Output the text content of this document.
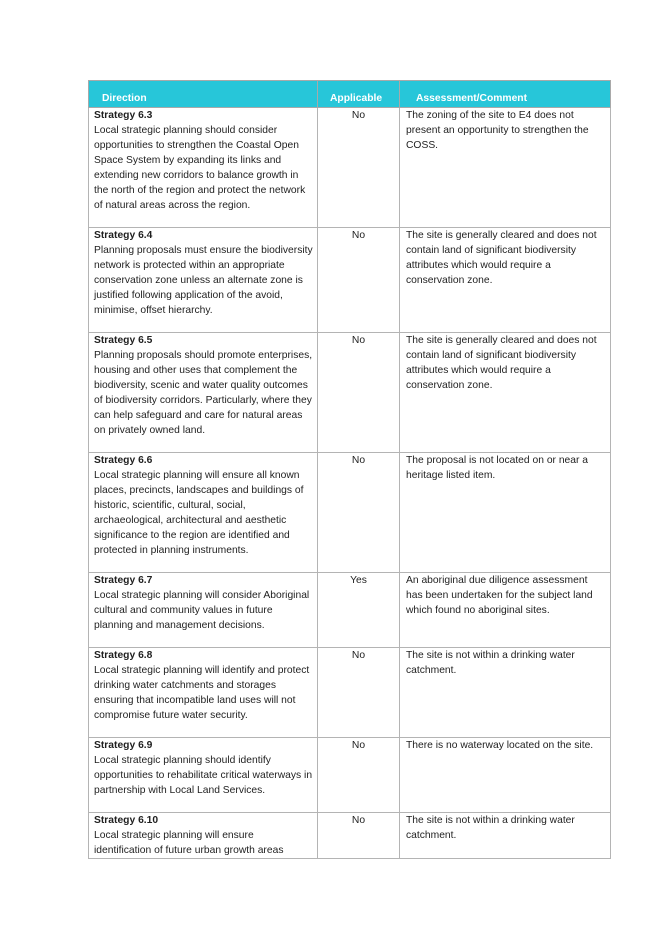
Direction	Applicable	Assessment/Comment

Strategy 6.3
Local strategic planning should consider opportunities to strengthen the Coastal Open Space System by expanding its links and extending new corridors to balance growth in the north of the region and protect the network of natural areas across the region.	No	The zoning of the site to E4 does not present an opportunity to strengthen the COSS.

Strategy 6.4
Planning proposals must ensure the biodiversity network is protected within an appropriate conservation zone unless an alternate zone is justified following application of the avoid, minimise, offset hierarchy.	No	The site is generally cleared and does not contain land of significant biodiversity attributes which would require a conservation zone.

Strategy 6.5
Planning proposals should promote enterprises, housing and other uses that complement the biodiversity, scenic and water quality outcomes of biodiversity corridors. Particularly, where they can help safeguard and care for natural areas on privately owned land.	No	The site is generally cleared and does not contain land of significant biodiversity attributes which would require a conservation zone.

Strategy 6.6
Local strategic planning will ensure all known places, precincts, landscapes and buildings of historic, scientific, cultural, social, archaeological, architectural and aesthetic significance to the region are identified and protected in planning instruments.	No	The proposal is not located on or near a heritage listed item.

Strategy 6.7
Local strategic planning will consider Aboriginal cultural and community values in future planning and management decisions.	Yes	An aboriginal due diligence assessment has been undertaken for the subject land which found no aboriginal sites.

Strategy 6.8
Local strategic planning will identify and protect drinking water catchments and storages ensuring that incompatible land uses will not compromise future water security.	No	The site is not within a drinking water catchment.

Strategy 6.9
Local strategic planning should identify opportunities to rehabilitate critical waterways in partnership with Local Land Services.	No	There is no waterway located on the site.

Strategy 6.10
Local strategic planning will ensure identification of future urban growth areas	No	The site is not within a drinking water catchment.
